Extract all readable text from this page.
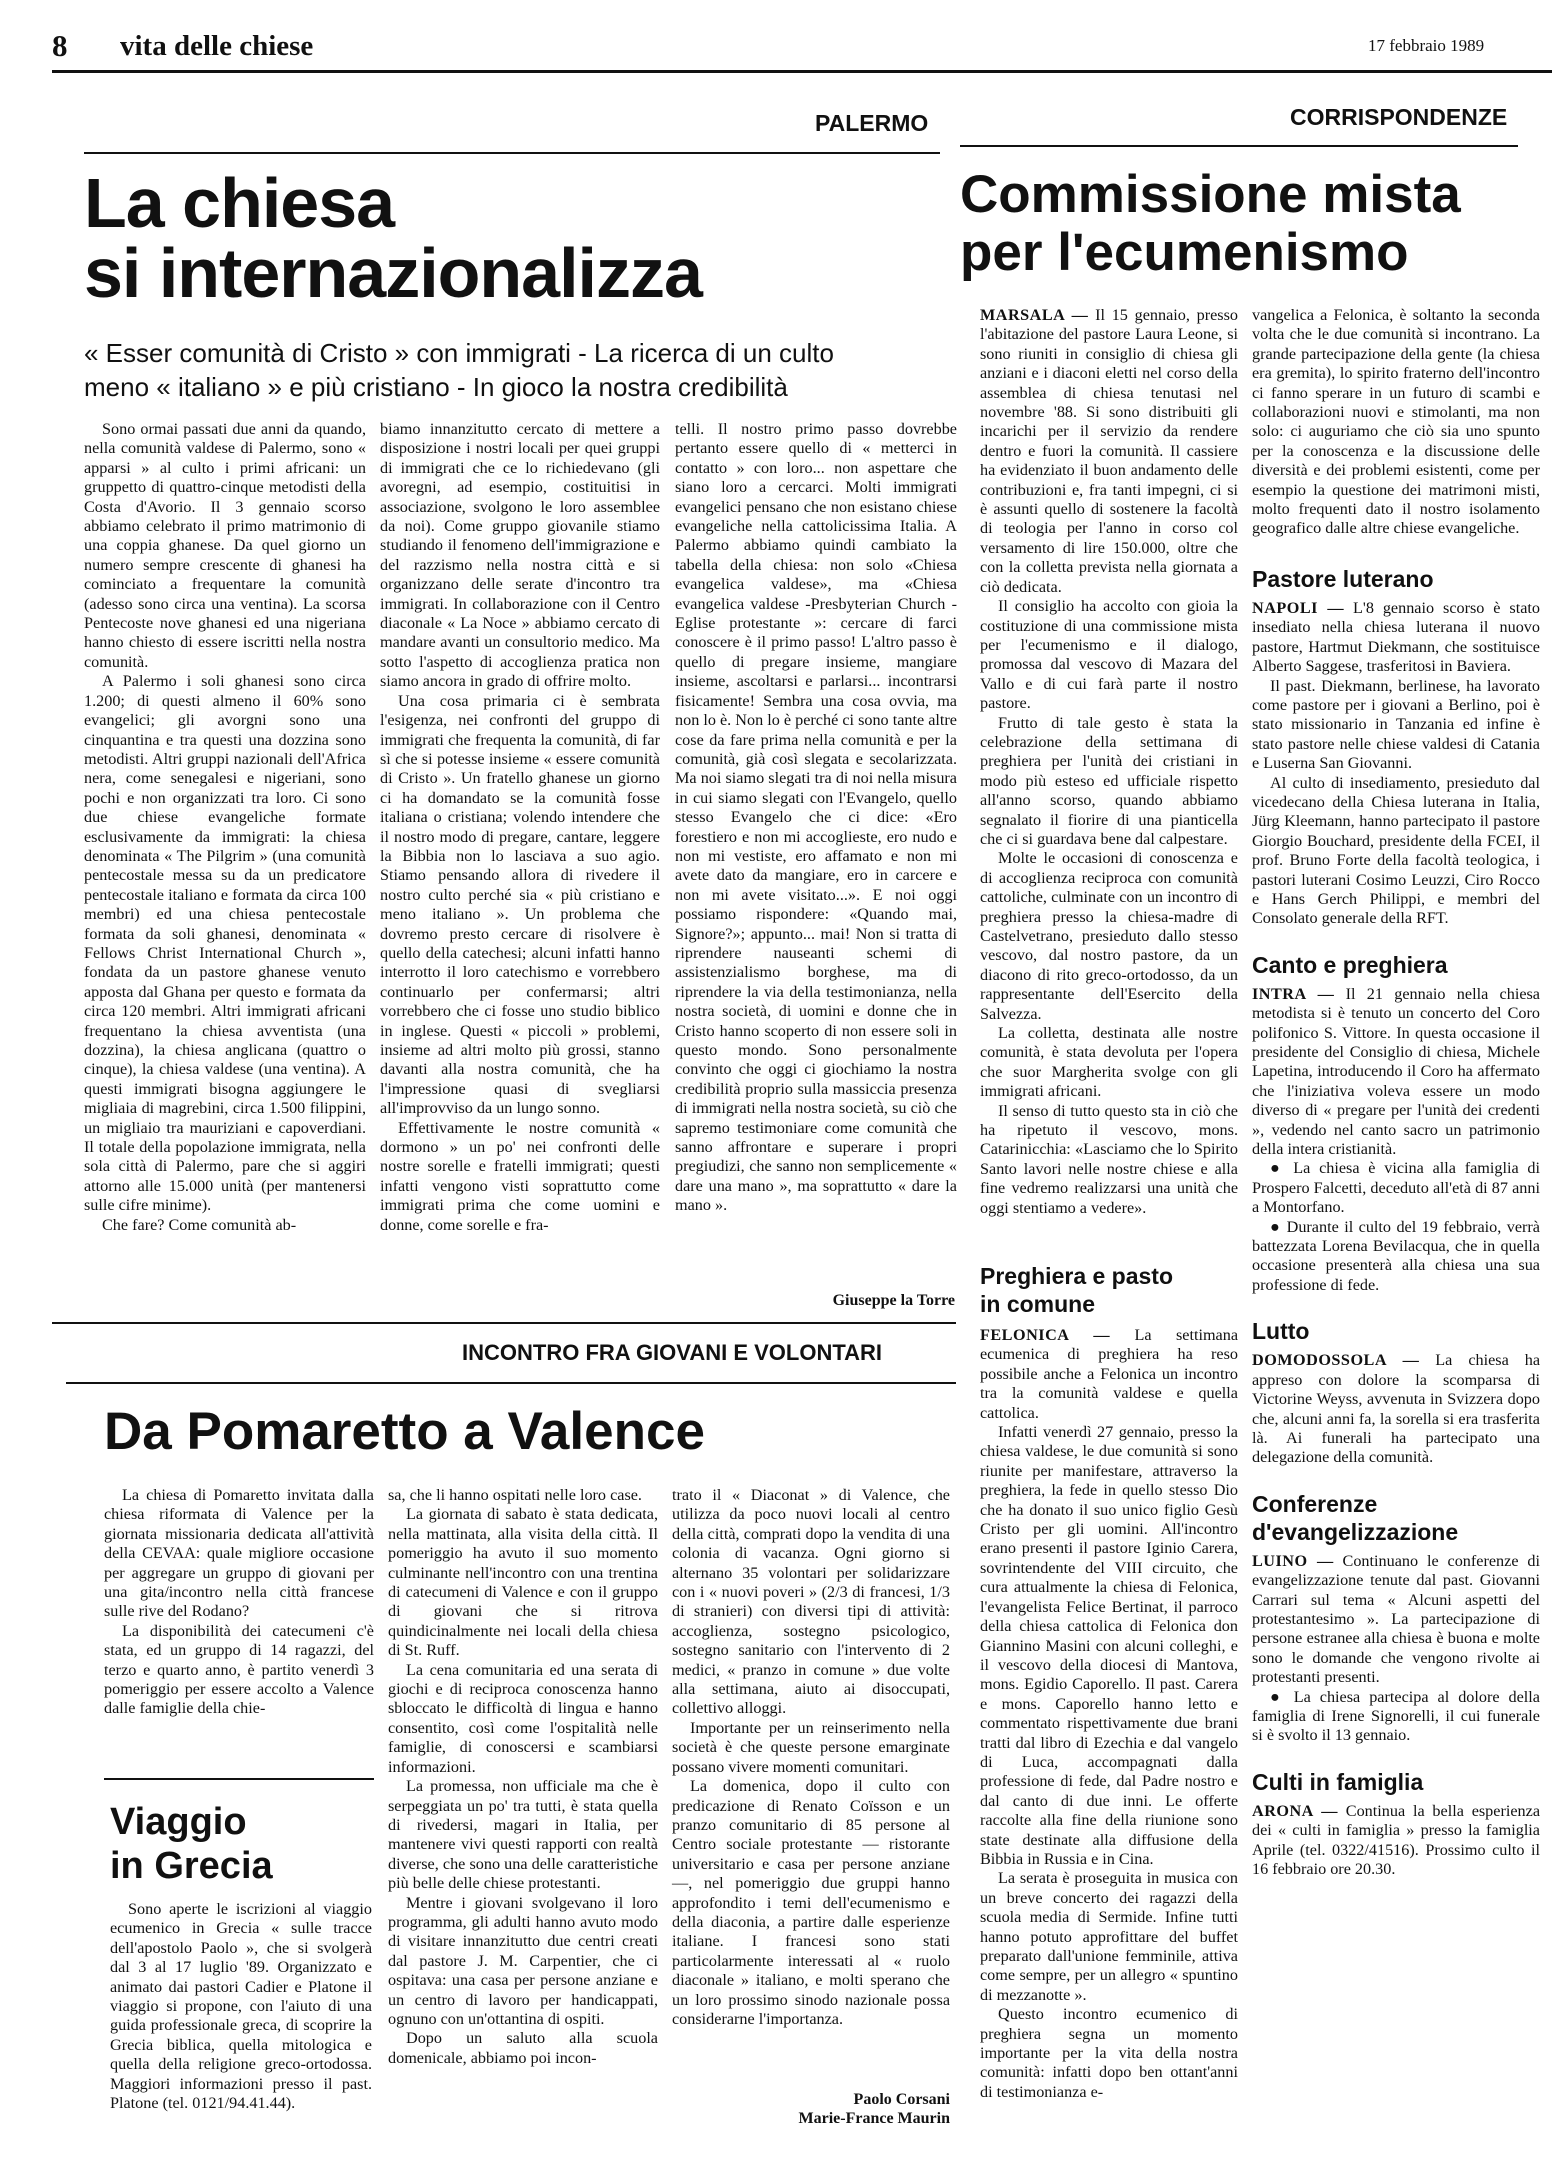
8 vita delle chiese	17 febbraio 1989
PALERMO
La chiesa
si internazionalizza
« Esser comunità di Cristo » con immigrati - La ricerca di un culto
meno « italiano » e più cristiano - In gioco la nostra credibilità

Sono ormai passati due anni da quando, nella comunità valdese di Palermo, sono « apparsi » al culto i primi africani: un gruppetto di quattro-cinque metodisti della Costa d'Avorio. Il 3 gennaio scorso abbiamo celebrato il primo matrimonio di una coppia ghanese. Da quel giorno un numero sempre crescente di ghanesi ha cominciato a frequentare la comunità (adesso sono circa una ventina). La scorsa Pentecoste nove ghanesi ed una nigeriana hanno chiesto di essere iscritti nella nostra comunità.

A Palermo i soli ghanesi sono circa 1.200; di questi almeno il 60% sono evangelici; gli avorgni sono una cinquantina e tra questi una dozzina sono metodisti. Altri gruppi nazionali dell'Africa nera, come senegalesi e nigeriani, sono pochi e non organizzati tra loro. Ci sono due chiese evangeliche formate esclusivamente da immigrati: la chiesa denominata « The Pilgrim » (una comunità pentecostale messa su da un predicatore pentecostale italiano e formata da circa 100 membri) ed una chiesa pentecostale formata da soli ghanesi, denominata « Fellows Christ International Church », fondata da un pastore ghanese venuto apposta dal Ghana per questo e formata da circa 120 membri. Altri immigrati africani frequentano la chiesa avventista (una dozzina), la chiesa anglicana (quattro o cinque), la chiesa valdese (una ventina). A questi immigrati bisogna aggiungere le migliaia di magrebini, circa 1.500 filippini, un migliaio tra mauriziani e capoverdiani. Il totale della popolazione immigrata, nella sola città di Palermo, pare che si aggiri attorno alle 15.000 unità (per mantenersi sulle cifre minime).

Che fare? Come comunità ab-

biamo innanzitutto cercato di mettere a disposizione i nostri locali per quei gruppi di immigrati che ce lo richiedevano (gli avoregni, ad esempio, costituitisi in associazione, svolgono le loro assemblee da noi). Come gruppo giovanile stiamo studiando il fenomeno dell'immigrazione e del razzismo nella nostra città e si organizzano delle serate d'incontro tra immigrati. In collaborazione con il Centro diaconale « La Noce » abbiamo cercato di mandare avanti un consultorio medico. Ma sotto l'aspetto di accoglienza pratica non siamo ancora in grado di offrire molto.

Una cosa primaria ci è sembrata l'esigenza, nei confronti del gruppo di immigrati che frequenta la comunità, di far sì che si potesse insieme « essere comunità di Cristo ». Un fratello ghanese un giorno ci ha domandato se la comunità fosse italiana o cristiana; volendo intendere che il nostro modo di pregare, cantare, leggere la Bibbia non lo lasciava a suo agio. Stiamo pensando allora di rivedere il nostro culto perché sia « più cristiano e meno italiano ». Un problema che dovremo presto cercare di risolvere è quello della catechesi; alcuni infatti hanno interrotto il loro catechismo e vorrebbero continuarlo per confermarsi; altri vorrebbero che ci fosse uno studio biblico in inglese. Questi « piccoli » problemi, insieme ad altri molto più grossi, stanno davanti alla nostra comunità, che ha l'impressione quasi di svegliarsi all'improvviso da un lungo sonno.

Effettivamente le nostre comunità « dormono » un po' nei confronti delle nostre sorelle e fratelli immigrati; questi infatti vengono visti soprattutto come immigrati prima che come uomini e donne, come sorelle e fra-

telli. Il nostro primo passo dovrebbe pertanto essere quello di « metterci in contatto » con loro... non aspettare che siano loro a cercarci. Molti immigrati evangelici pensano che non esistano chiese evangeliche nella cattolicissima Italia. A Palermo abbiamo quindi cambiato la tabella della chiesa: non solo «Chiesa evangelica valdese», ma «Chiesa evangelica valdese -Presbyterian Church - Eglise protestante »: cercare di farci conoscere è il primo passo! L'altro passo è quello di pregare insieme, mangiare insieme, ascoltarsi e parlarsi... incontrarsi fisicamente! Sembra una cosa ovvia, ma non lo è. Non lo è perché ci sono tante altre cose da fare prima nella comunità e per la comunità, già così slegata e secolarizzata. Ma noi siamo slegati tra di noi nella misura in cui siamo slegati con l'Evangelo, quello stesso Evangelo che ci dice: «Ero forestiero e non mi accoglieste, ero nudo e non mi vestiste, ero affamato e non mi avete dato da mangiare, ero in carcere e non mi avete visitato...». E noi oggi possiamo rispondere: «Quando mai, Signore?»; appunto... mai! Non si tratta di riprendere nauseanti schemi di assistenzialismo borghese, ma di riprendere la via della testimonianza, nella nostra società, di uomini e donne che in Cristo hanno scoperto di non essere soli in questo mondo. Sono personalmente convinto che oggi ci giochiamo la nostra credibilità proprio sulla massiccia presenza di immigrati nella nostra società, su ciò che sapremo testimoniare come comunità che sanno affrontare e superare i propri pregiudizi, che sanno non semplicemente « dare una mano », ma soprattutto « dare la mano ».

Giuseppe la Torre
CORRISPONDENZE
Commissione mista
per l'ecumenismo

MARSALA — Il 15 gennaio, presso l'abitazione del pastore Laura Leone, si sono riuniti in consiglio di chiesa gli anziani e i diaconi eletti nel corso della assemblea di chiesa tenutasi nel novembre '88. Si sono distribuiti gli incarichi per il servizio da rendere dentro e fuori la comunità. Il cassiere ha evidenziato il buon andamento delle contribuzioni e, fra tanti impegni, ci si è assunti quello di sostenere la facoltà di teologia per l'anno in corso col versamento di lire 150.000, oltre che con la colletta prevista nella giornata a ciò dedicata.

Il consiglio ha accolto con gioia la costituzione di una commissione mista per l'ecumenismo e il dialogo, promossa dal vescovo di Mazara del Vallo e di cui farà parte il nostro pastore.

Frutto di tale gesto è stata la celebrazione della settimana di preghiera per l'unità dei cristiani in modo più esteso ed ufficiale rispetto all'anno scorso, quando abbiamo segnalato il fiorire di una pianticella che ci si guardava bene dal calpestare.

Molte le occasioni di conoscenza e di accoglienza reciproca con comunità cattoliche, culminate con un incontro di preghiera presso la chiesa-madre di Castelvetrano, presieduto dallo stesso vescovo, dal nostro pastore, da un diacono di rito greco-ortodosso, da un rappresentante dell'Esercito della Salvezza.

La colletta, destinata alle nostre comunità, è stata devoluta per l'opera che suor Margherita svolge con gli immigrati africani.

Il senso di tutto questo sta in ciò che ha ripetuto il vescovo, mons. Catarinicchia: «Lasciamo che lo Spirito Santo lavori nelle nostre chiese e alla fine vedremo realizzarsi una unità che oggi stentiamo a vedere».

Preghiera e pasto
in comune

FELONICA — La settimana ecumenica di preghiera ha reso possibile anche a Felonica un incontro tra la comunità valdese e quella cattolica.

Infatti venerdì 27 gennaio, presso la chiesa valdese, le due comunità si sono riunite per manifestare, attraverso la preghiera, la fede in quello stesso Dio che ha donato il suo unico figlio Gesù Cristo per gli uomini. All'incontro erano presenti il pastore Iginio Carera, sovrintendente del VIII circuito, che cura attualmente la chiesa di Felonica, l'evangelista Felice Bertinat, il parroco della chiesa cattolica di Felonica don Giannino Masini con alcuni colleghi, e il vescovo della diocesi di Mantova, mons. Egidio Caporello. Il past. Carera e mons. Caporello hanno letto e commentato rispettivamente due brani tratti dal libro di Ezechia e dal vangelo di Luca, accompagnati dalla professione di fede, dal Padre nostro e dal canto di due inni. Le offerte raccolte alla fine della riunione sono state destinate alla diffusione della Bibbia in Russia e in Cina.

La serata è proseguita in musica con un breve concerto dei ragazzi della scuola media di Sermide. Infine tutti hanno potuto approfittare del buffet preparato dall'unione femminile, attiva come sempre, per un allegro « spuntino di mezzanotte ».

Questo incontro ecumenico di preghiera segna un momento importante per la vita della nostra comunità: infatti dopo ben ottant'anni di testimonianza e-

vangelica a Felonica, è soltanto la seconda volta che le due comunità si incontrano. La grande partecipazione della gente (la chiesa era gremita), lo spirito fraterno dell'incontro ci fanno sperare in un futuro di scambi e collaborazioni nuovi e stimolanti, ma non solo: ci auguriamo che ciò sia uno spunto per la conoscenza e la discussione delle diversità e dei problemi esistenti, come per esempio la questione dei matrimoni misti, molto frequenti dato il nostro isolamento geografico dalle altre chiese evangeliche.

Pastore luterano

NAPOLI — L'8 gennaio scorso è stato insediato nella chiesa luterana il nuovo pastore, Hartmut Diekmann, che sostituisce Alberto Saggese, trasferitosi in Baviera.

Il past. Diekmann, berlinese, ha lavorato come pastore per i giovani a Berlino, poi è stato missionario in Tanzania ed infine è stato pastore nelle chiese valdesi di Catania e Luserna San Giovanni.

Al culto di insediamento, presieduto dal vicedecano della Chiesa luterana in Italia, Jürg Kleemann, hanno partecipato il pastore Giorgio Bouchard, presidente della FCEI, il prof. Bruno Forte della facoltà teologica, i pastori luterani Cosimo Leuzzi, Ciro Rocco e Hans Gerch Philippi, e membri del Consolato generale della RFT.

Canto e preghiera

INTRA — Il 21 gennaio nella chiesa metodista si è tenuto un concerto del Coro polifonico S. Vittore. In questa occasione il presidente del Consiglio di chiesa, Michele Lapetina, introducendo il Coro ha affermato che l'iniziativa voleva essere un modo diverso di « pregare per l'unità dei credenti », vedendo nel canto sacro un patrimonio della intera cristianità.

● La chiesa è vicina alla famiglia di Prospero Falcetti, deceduto all'età di 87 anni a Montorfano.

● Durante il culto del 19 febbraio, verrà battezzata Lorena Bevilacqua, che in quella occasione presenterà alla chiesa una sua professione di fede.

Lutto

DOMODOSSOLA — La chiesa ha appreso con dolore la scomparsa di Victorine Weyss, avvenuta in Svizzera dopo che, alcuni anni fa, la sorella si era trasferita là. Ai funerali ha partecipato una delegazione della comunità.

Conferenze
d'evangelizzazione

LUINO — Continuano le conferenze di evangelizzazione tenute dal past. Giovanni Carrari sul tema « Alcuni aspetti del protestantesimo ». La partecipazione di persone estranee alla chiesa è buona e molte sono le domande che vengono rivolte ai protestanti presenti.

● La chiesa partecipa al dolore della famiglia di Irene Signorelli, il cui funerale si è svolto il 13 gennaio.

Culti in famiglia

ARONA — Continua la bella esperienza dei « culti in famiglia » presso la famiglia Aprile (tel. 0322/41516). Prossimo culto il 16 febbraio ore 20.30.

INCONTRO FRA GIOVANI E VOLONTARI
Da Pomaretto a Valence

La chiesa di Pomaretto invitata dalla chiesa riformata di Valence per la giornata missionaria dedicata all'attività della CEVAA: quale migliore occasione per aggregare un gruppo di giovani per una gita/incontro nella città francese sulle rive del Rodano?

La disponibilità dei catecumeni c'è stata, ed un gruppo di 14 ragazzi, del terzo e quarto anno, è partito venerdì 3 pomeriggio per essere accolto a Valence dalle famiglie della chie-

Viaggio
in Grecia

Sono aperte le iscrizioni al viaggio ecumenico in Grecia « sulle tracce dell'apostolo Paolo », che si svolgerà dal 3 al 17 luglio '89. Organizzato e animato dai pastori Cadier e Platone il viaggio si propone, con l'aiuto di una guida professionale greca, di scoprire la Grecia biblica, quella mitologica e quella della religione greco-ortodossa. Maggiori informazioni presso il past. Platone (tel. 0121/94.41.44).

sa, che li hanno ospitati nelle loro case.

La giornata di sabato è stata dedicata, nella mattinata, alla visita della città. Il pomeriggio ha avuto il suo momento culminante nell'incontro con una trentina di catecumeni di Valence e con il gruppo di giovani che si ritrova quindicinalmente nei locali della chiesa di St. Ruff.

La cena comunitaria ed una serata di giochi e di reciproca conoscenza hanno sbloccato le difficoltà di lingua e hanno consentito, così come l'ospitalità nelle famiglie, di conoscersi e scambiarsi informazioni.

La promessa, non ufficiale ma che è serpeggiata un po' tra tutti, è stata quella di rivedersi, magari in Italia, per mantenere vivi questi rapporti con realtà diverse, che sono una delle caratteristiche più belle delle chiese protestanti.

Mentre i giovani svolgevano il loro programma, gli adulti hanno avuto modo di visitare innanzitutto due centri creati dal pastore J. M. Carpentier, che ci ospitava: una casa per persone anziane e un centro di lavoro per handicappati, ognuno con un'ottantina di ospiti.

Dopo un saluto alla scuola domenicale, abbiamo poi incon-

trato il « Diaconat » di Valence, che utilizza da poco nuovi locali al centro della città, comprati dopo la vendita di una colonia di vacanza. Ogni giorno si alternano 35 volontari per solidarizzare con i « nuovi poveri » (2/3 di francesi, 1/3 di stranieri) con diversi tipi di attività: accoglienza, sostegno psicologico, sostegno sanitario con l'intervento di 2 medici, « pranzo in comune » due volte alla settimana, aiuto ai disoccupati, collettivo alloggi.

Importante per un reinserimento nella società è che queste persone emarginate possano vivere momenti comunitari.

La domenica, dopo il culto con predicazione di Renato Coïsson e un pranzo comunitario di 85 persone al Centro sociale protestante — ristorante universitario e casa per persone anziane —, nel pomeriggio due gruppi hanno approfondito i temi dell'ecumenismo e della diaconia, a partire dalle esperienze italiane. I francesi sono stati particolarmente interessati al « ruolo diaconale » italiano, e molti sperano che un loro prossimo sinodo nazionale possa considerarne l'importanza.

Paolo Corsani
Marie-France Maurin
